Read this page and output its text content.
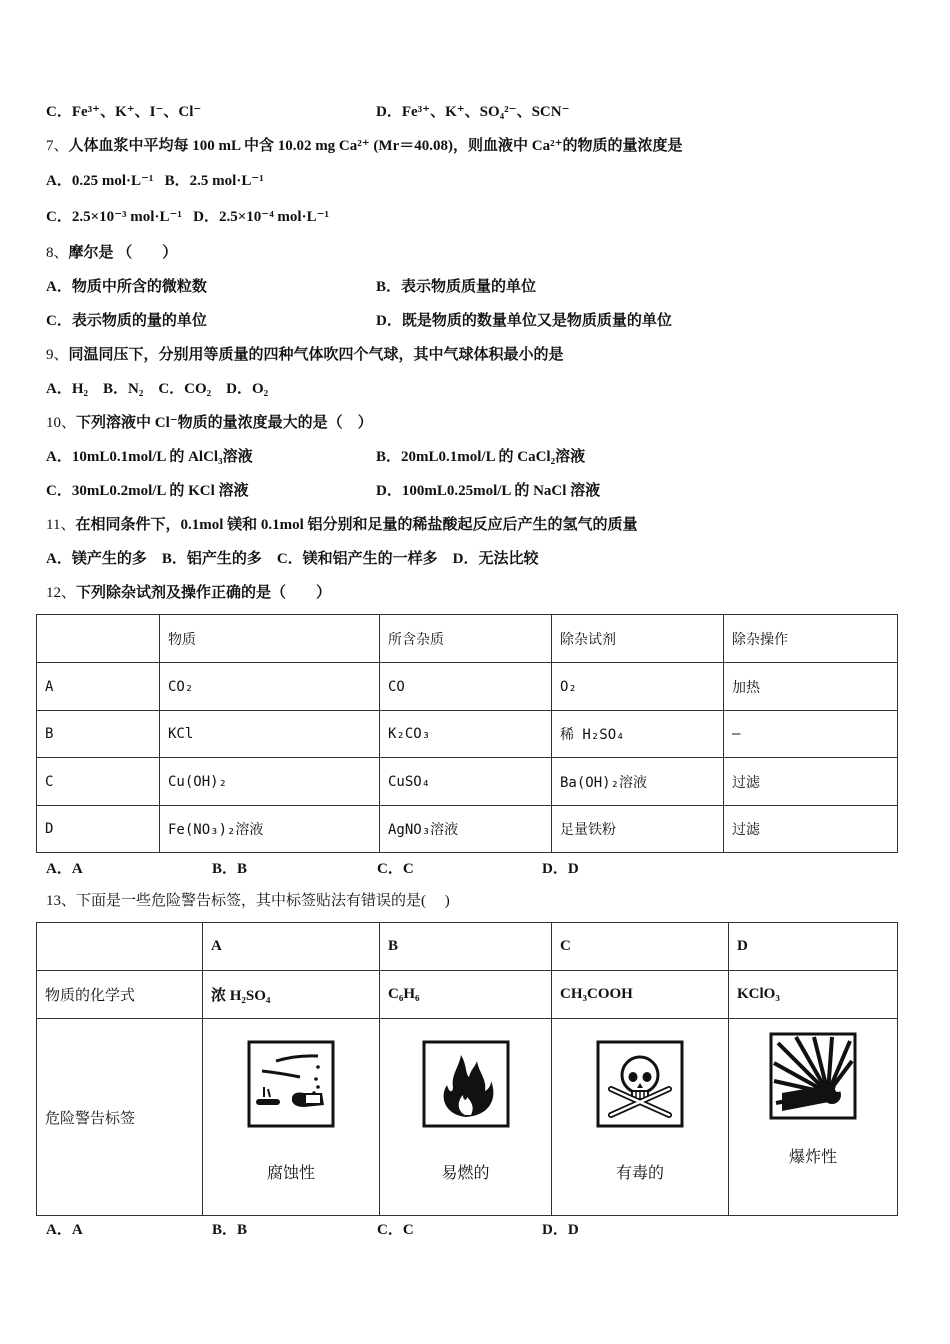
C．Fe³⁺、K⁺、I⁻、Cl⁻	D．Fe³⁺、K⁺、SO₄²⁻、SCN⁻
7、人体血浆中平均每 100 mL 中含 10.02 mg Ca²⁺ (Mr＝40.08)，则血液中 Ca²⁺的物质的量浓度是
A．0.25 mol·L⁻¹ B．2.5 mol·L⁻¹
C．2.5×10⁻³ mol·L⁻¹ D．2.5×10⁻⁴ mol·L⁻¹
8、摩尔是 （　　）
A．物质中所含的微粒数	B．表示物质质量的单位
C．表示物质的量的单位	D．既是物质的数量单位又是物质质量的单位
9、同温同压下，分别用等质量的四种气体吹四个气球，其中气球体积最小的是
A．H₂　B．N₂　C．CO₂　D．O₂
10、下列溶液中 Cl⁻物质的量浓度最大的是（　）
A．10mL0.1mol/L 的 AlCl₃溶液	B．20mL0.1mol/L 的 CaCl₂溶液
C．30mL0.2mol/L 的 KCl 溶液	D．100mL0.25mol/L 的 NaCl 溶液
11、在相同条件下，0.1mol 镁和 0.1mol 铝分别和足量的稀盐酸起反应后产生的氢气的质量
A．镁产生的多　B．铝产生的多　C．镁和铝产生的一样多　D．无法比较
12、下列除杂试剂及操作正确的是（　　）
	物质	所含杂质	除杂试剂	除杂操作
A	CO₂	CO	O₂	加热
B	KCl	K₂CO₃	稀 H₂SO₄	—
C	Cu(OH)₂	CuSO₄	Ba(OH)₂溶液	过滤
D	Fe(NO₃)₂溶液	AgNO₃溶液	足量铁粉	过滤
A．A	B．B	C．C	D．D
13、下面是一些危险警告标签，其中标签贴法有错误的是(　 )
	A	B	C	D
物质的化学式	浓 H₂SO₄	C₆H₆	CH₃COOH	KClO₃
危险警告标签	腐蚀性	易燃的	有毒的	爆炸性
A．A	B．B	C．C	D．D
